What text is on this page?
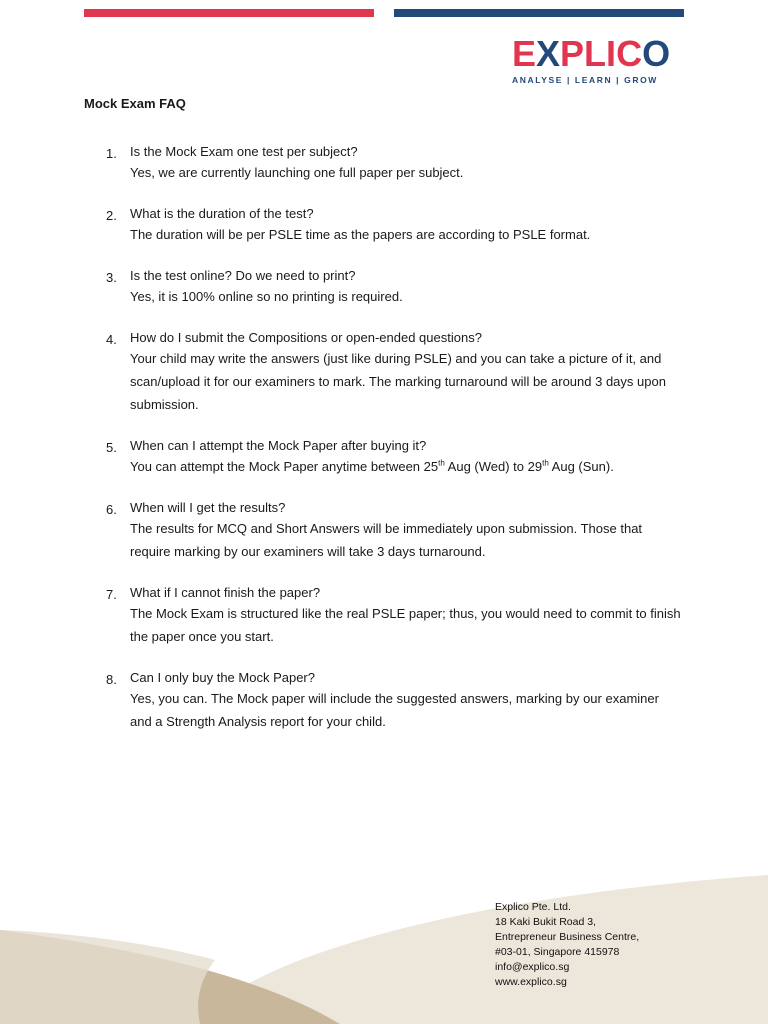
EXPLICO
ANALYSE | LEARN | GROW
Mock Exam FAQ
1. Is the Mock Exam one test per subject?
Yes, we are currently launching one full paper per subject.
2. What is the duration of the test?
The duration will be per PSLE time as the papers are according to PSLE format.
3. Is the test online? Do we need to print?
Yes, it is 100% online so no printing is required.
4. How do I submit the Compositions or open-ended questions?
Your child may write the answers (just like during PSLE) and you can take a picture of it, and scan/upload it for our examiners to mark. The marking turnaround will be around 3 days upon submission.
5. When can I attempt the Mock Paper after buying it?
You can attempt the Mock Paper anytime between 25th Aug (Wed) to 29th Aug (Sun).
6. When will I get the results?
The results for MCQ and Short Answers will be immediately upon submission. Those that require marking by our examiners will take 3 days turnaround.
7. What if I cannot finish the paper?
The Mock Exam is structured like the real PSLE paper; thus, you would need to commit to finish the paper once you start.
8. Can I only buy the Mock Paper?
Yes, you can. The Mock paper will include the suggested answers, marking by our examiner and a Strength Analysis report for your child.
Explico Pte. Ltd.
18 Kaki Bukit Road 3,
Entrepreneur Business Centre,
#03-01, Singapore 415978
info@explico.sg
www.explico.sg
